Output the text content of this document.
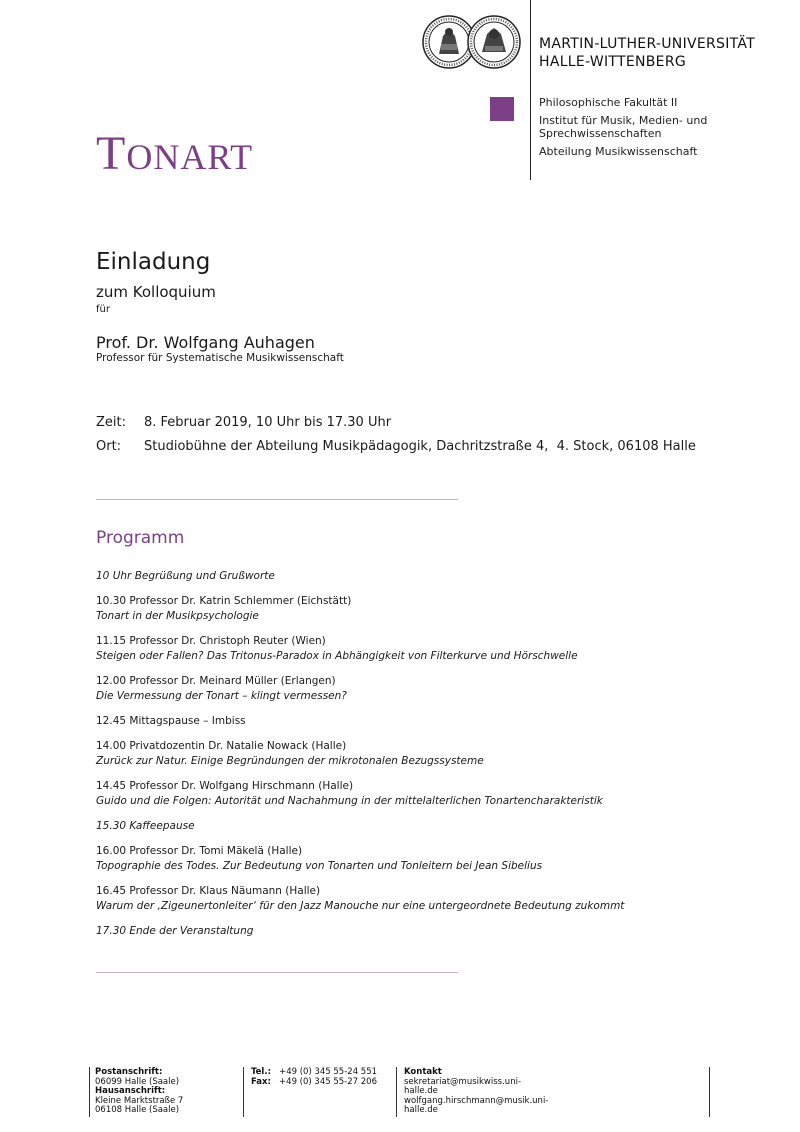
MARTIN-LUTHER-UNIVERSITÄT
HALLE-WITTENBERG
Philosophische Fakultät II
Institut für Musik, Medien- und Sprechwissenschaften
Abteilung Musikwissenschaft
TONART
Einladung
zum Kolloquium
für
Prof. Dr. Wolfgang Auhagen
Professor für Systematische Musikwissenschaft
Zeit: 8. Februar 2019, 10 Uhr bis 17.30 Uhr
Ort: Studiobühne der Abteilung Musikpädagogik, Dachritzstraße 4,  4. Stock, 06108 Halle
Programm
10 Uhr Begrüßung und Grußworte
10.30 Professor Dr. Katrin Schlemmer (Eichstätt)
Tonart in der Musikpsychologie
11.15 Professor Dr. Christoph Reuter (Wien)
Steigen oder Fallen? Das Tritonus-Paradox in Abhängigkeit von Filterkurve und Hörschwelle
12.00 Professor Dr. Meinard Müller (Erlangen)
Die Vermessung der Tonart – klingt vermessen?
12.45 Mittagspause – Imbiss
14.00 Privatdozentin Dr. Natalie Nowack (Halle)
Zurück zur Natur. Einige Begründungen der mikrotonalen Bezugssysteme
14.45 Professor Dr. Wolfgang Hirschmann (Halle)
Guido und die Folgen: Autorität und Nachahmung in der mittelalterlichen Tonartencharakteristik
15.30 Kaffeepause
16.00 Professor Dr. Tomi Mäkelä (Halle)
Topographie des Todes. Zur Bedeutung von Tonarten und Tonleitern bei Jean Sibelius
16.45 Professor Dr. Klaus Näumann (Halle)
Warum der ‚Zigeunertonleiter‘ für den Jazz Manouche nur eine untergeordnete Bedeutung zukommt
17.30 Ende der Veranstaltung
Postanschrift:
06099 Halle (Saale)
Hausanschrift:
Kleine Marktstraße 7
06108 Halle (Saale)
Tel.: +49 (0) 345 55-24 551
Fax: +49 (0) 345 55-27 206
Kontakt
sekretariat@musikwiss.uni-
halle.de
wolfgang.hirschmann@musik.uni-
halle.de
